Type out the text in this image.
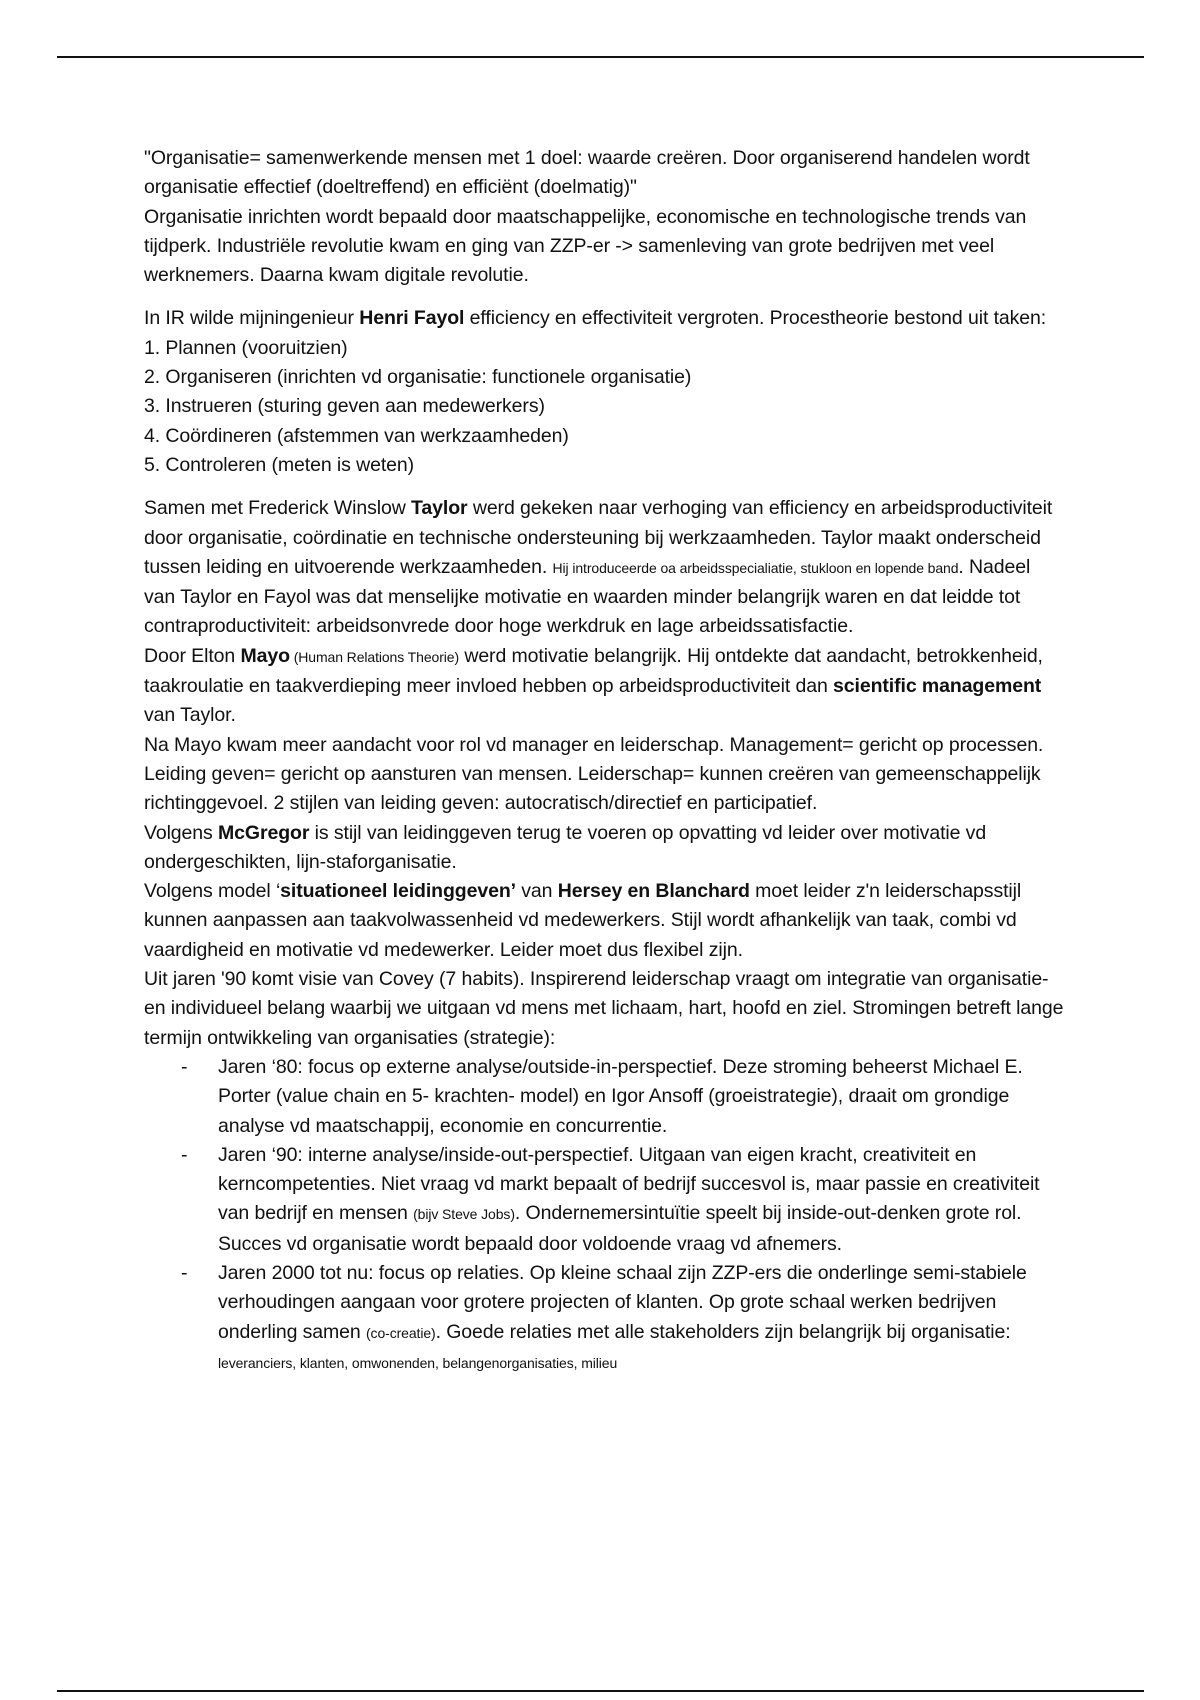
"Organisatie= samenwerkende mensen met 1 doel: waarde creëren. Door organiserend handelen wordt organisatie effectief (doeltreffend) en efficiënt (doelmatig)"

Organisatie inrichten wordt bepaald door maatschappelijke, economische en technologische trends van tijdperk. Industriële revolutie kwam en ging van ZZP-er -> samenleving van grote bedrijven met veel werknemers. Daarna kwam digitale revolutie.

In IR wilde mijningenieur Henri Fayol efficiency en effectiviteit vergroten. Procestheorie bestond uit taken:

1. Plannen (vooruitzien)
2. Organiseren (inrichten vd organisatie: functionele organisatie)
3. Instrueren (sturing geven aan medewerkers)
4. Coördineren (afstemmen van werkzaamheden)
5. Controleren (meten is weten)

Samen met Frederick Winslow Taylor werd gekeken naar verhoging van efficiency en arbeidsproductiviteit door organisatie, coördinatie en technische ondersteuning bij werkzaamheden. Taylor maakt onderscheid tussen leiding en uitvoerende werkzaamheden. Hij introduceerde oa arbeidsspecialiatie, stukloon en lopende band. Nadeel van Taylor en Fayol was dat menselijke motivatie en waarden minder belangrijk waren en dat leidde tot contraproductiviteit: arbeidsonvrede door hoge werkdruk en lage arbeidssatisfactie.

Door Elton Mayo (Human Relations Theorie) werd motivatie belangrijk. Hij ontdekte dat aandacht, betrokkenheid, taakroulatie en taakverdieping meer invloed hebben op arbeidsproductiviteit dan scientific management van Taylor.

Na Mayo kwam meer aandacht voor rol vd manager en leiderschap. Management= gericht op processen. Leiding geven= gericht op aansturen van mensen. Leiderschap= kunnen creëren van gemeenschappelijk richtinggevoel. 2 stijlen van leiding geven: autocratisch/directief en participatief.

Volgens McGregor is stijl van leidinggeven terug te voeren op opvatting vd leider over motivatie vd ondergeschikten, lijn-staforganisatie.

Volgens model ‘situationeel leidinggeven’ van Hersey en Blanchard moet leider z'n leiderschapsstijl kunnen aanpassen aan taakvolwassenheid vd medewerkers. Stijl wordt afhankelijk van taak, combi vd vaardigheid en motivatie vd medewerker. Leider moet dus flexibel zijn.

Uit jaren '90 komt visie van Covey (7 habits). Inspirerend leiderschap vraagt om integratie van organisatie- en individueel belang waarbij we uitgaan vd mens met lichaam, hart, hoofd en ziel. Stromingen betreft lange termijn ontwikkeling van organisaties (strategie):

- Jaren ‘80: focus op externe analyse/outside-in-perspectief. Deze stroming beheerst Michael E. Porter (value chain en 5- krachten- model) en Igor Ansoff (groeistrategie), draait om grondige analyse vd maatschappij, economie en concurrentie.
- Jaren ‘90: interne analyse/inside-out-perspectief. Uitgaan van eigen kracht, creativiteit en kerncompetenties. Niet vraag vd markt bepaalt of bedrijf succesvol is, maar passie en creativiteit van bedrijf en mensen (bijv Steve Jobs). Ondernemersintuïtie speelt bij inside-out-denken grote rol. Succes vd organisatie wordt bepaald door voldoende vraag vd afnemers.
- Jaren 2000 tot nu: focus op relaties. Op kleine schaal zijn ZZP-ers die onderlinge semi-stabiele verhoudingen aangaan voor grotere projecten of klanten. Op grote schaal werken bedrijven onderling samen (co-creatie). Goede relaties met alle stakeholders zijn belangrijk bij organisatie: leveranciers, klanten, omwonenden, belangenorganisaties, milieu
